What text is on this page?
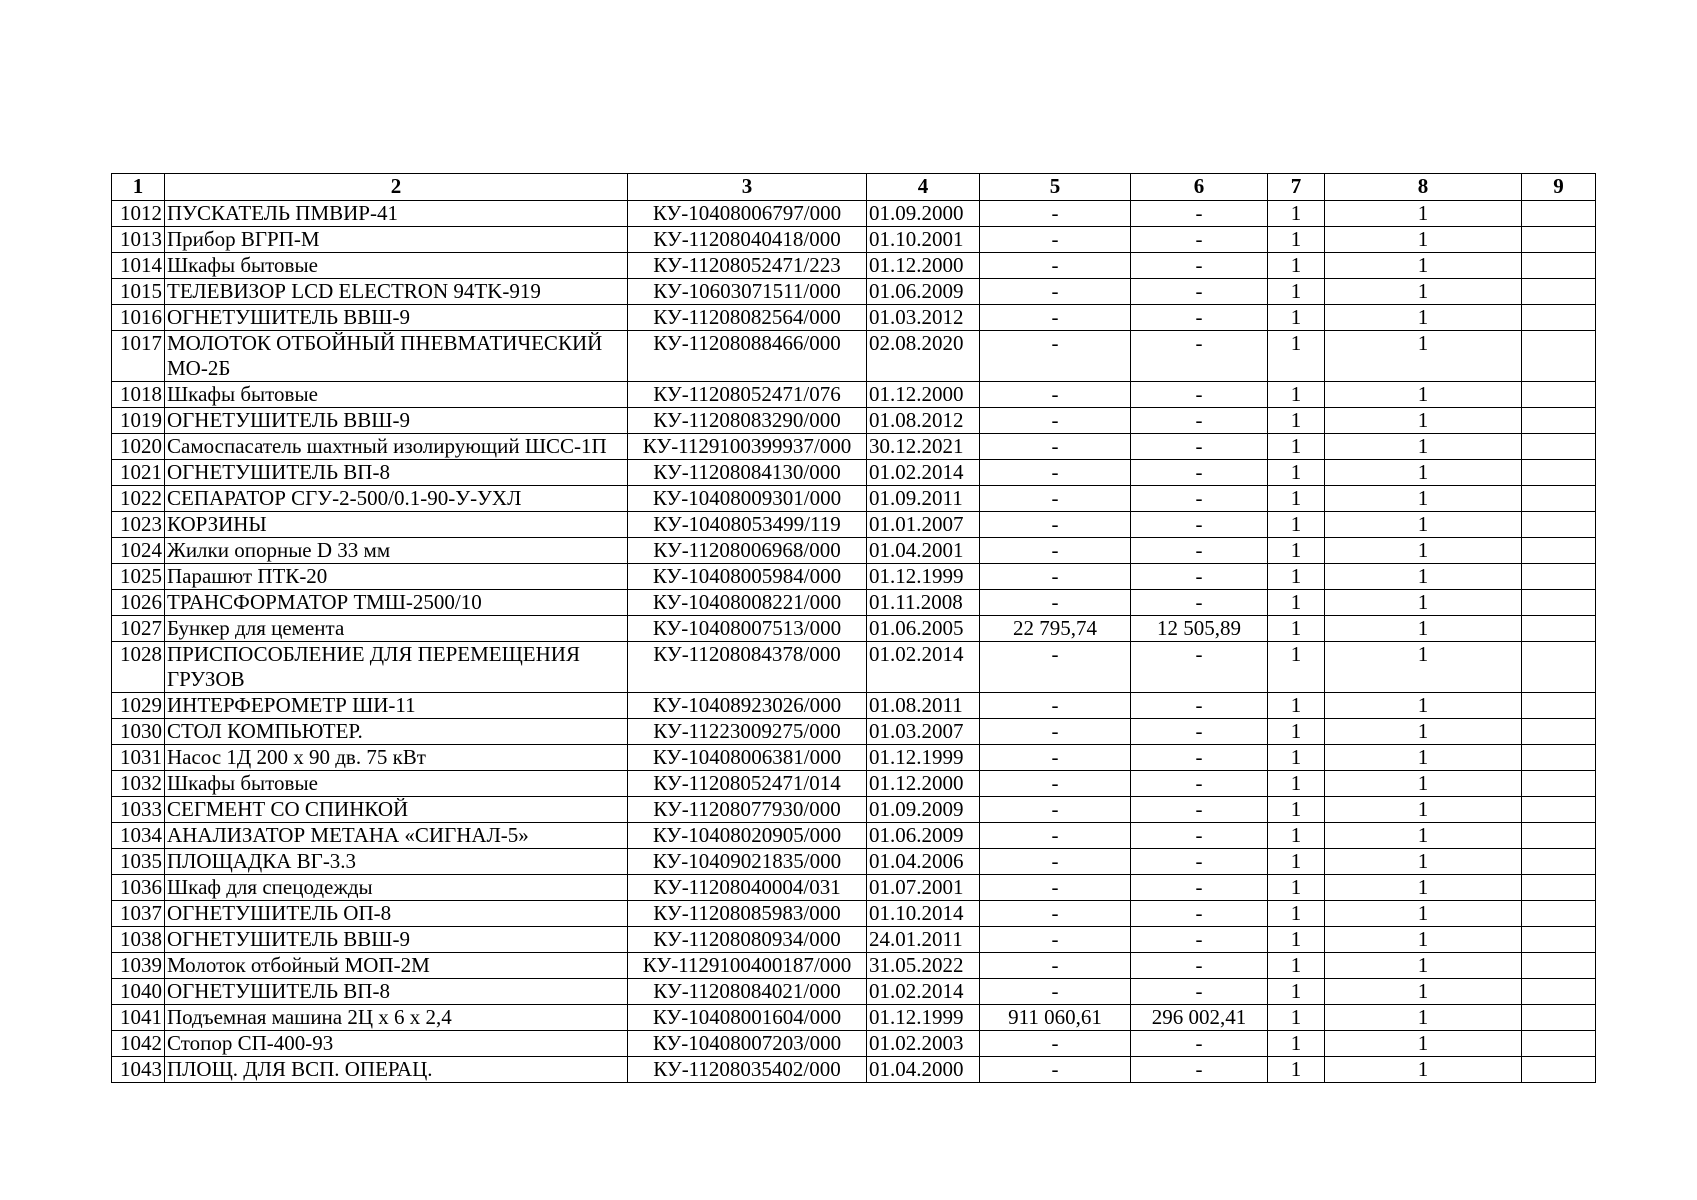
1	2	3	4	5	6	7	8	9
1012	ПУСКАТЕЛЬ ПМВИР-41	КУ-10408006797/000	01.09.2000	-	-	1	1	
1013	Прибор ВГРП-М	КУ-11208040418/000	01.10.2001	-	-	1	1	
1014	Шкафы бытовые	КУ-11208052471/223	01.12.2000	-	-	1	1	
1015	ТЕЛЕВИЗОР LCD ELECTRON 94TK-919	КУ-10603071511/000	01.06.2009	-	-	1	1	
1016	ОГНЕТУШИТЕЛЬ ВВШ-9	КУ-11208082564/000	01.03.2012	-	-	1	1	
1017	МОЛОТОК ОТБОЙНЫЙ ПНЕВМАТИЧЕСКИЙ МО-2Б	КУ-11208088466/000	02.08.2020	-	-	1	1	
1018	Шкафы бытовые	КУ-11208052471/076	01.12.2000	-	-	1	1	
1019	ОГНЕТУШИТЕЛЬ ВВШ-9	КУ-11208083290/000	01.08.2012	-	-	1	1	
1020	Самоспасатель шахтный изолирующий ШСС-1П	КУ-1129100399937/000	30.12.2021	-	-	1	1	
1021	ОГНЕТУШИТЕЛЬ ВП-8	КУ-11208084130/000	01.02.2014	-	-	1	1	
1022	СЕПАРАТОР СГУ-2-500/0.1-90-У-УХЛ	КУ-10408009301/000	01.09.2011	-	-	1	1	
1023	КОРЗИНЫ	КУ-10408053499/119	01.01.2007	-	-	1	1	
1024	Жилки опорные D 33 мм	КУ-11208006968/000	01.04.2001	-	-	1	1	
1025	Парашют ПТК-20	КУ-10408005984/000	01.12.1999	-	-	1	1	
1026	ТРАНСФОРМАТОР ТМШ-2500/10	КУ-10408008221/000	01.11.2008	-	-	1	1	
1027	Бункер для цемента	КУ-10408007513/000	01.06.2005	22 795,74	12 505,89	1	1	
1028	ПРИСПОСОБЛЕНИЕ ДЛЯ ПЕРЕМЕЩЕНИЯ ГРУЗОВ	КУ-11208084378/000	01.02.2014	-	-	1	1	
1029	ИНТЕРФЕРОМЕТР ШИ-11	КУ-10408923026/000	01.08.2011	-	-	1	1	
1030	СТОЛ КОМПЬЮТЕР.	КУ-11223009275/000	01.03.2007	-	-	1	1	
1031	Насос 1Д 200 х 90 дв. 75 кВт	КУ-10408006381/000	01.12.1999	-	-	1	1	
1032	Шкафы бытовые	КУ-11208052471/014	01.12.2000	-	-	1	1	
1033	СЕГМЕНТ СО СПИНКОЙ	КУ-11208077930/000	01.09.2009	-	-	1	1	
1034	АНАЛИЗАТОР МЕТАНА «СИГНАЛ-5»	КУ-10408020905/000	01.06.2009	-	-	1	1	
1035	ПЛОЩАДКА ВГ-3.3	КУ-10409021835/000	01.04.2006	-	-	1	1	
1036	Шкаф для спецодежды	КУ-11208040004/031	01.07.2001	-	-	1	1	
1037	ОГНЕТУШИТЕЛЬ ОП-8	КУ-11208085983/000	01.10.2014	-	-	1	1	
1038	ОГНЕТУШИТЕЛЬ ВВШ-9	КУ-11208080934/000	24.01.2011	-	-	1	1	
1039	Молоток отбойный МОП-2М	КУ-1129100400187/000	31.05.2022	-	-	1	1	
1040	ОГНЕТУШИТЕЛЬ ВП-8	КУ-11208084021/000	01.02.2014	-	-	1	1	
1041	Подъемная машина 2Ц х 6 х 2,4	КУ-10408001604/000	01.12.1999	911 060,61	296 002,41	1	1	
1042	Стопор СП-400-93	КУ-10408007203/000	01.02.2003	-	-	1	1	
1043	ПЛОЩ. ДЛЯ ВСП. ОПЕРАЦ.	КУ-11208035402/000	01.04.2000	-	-	1	1	
